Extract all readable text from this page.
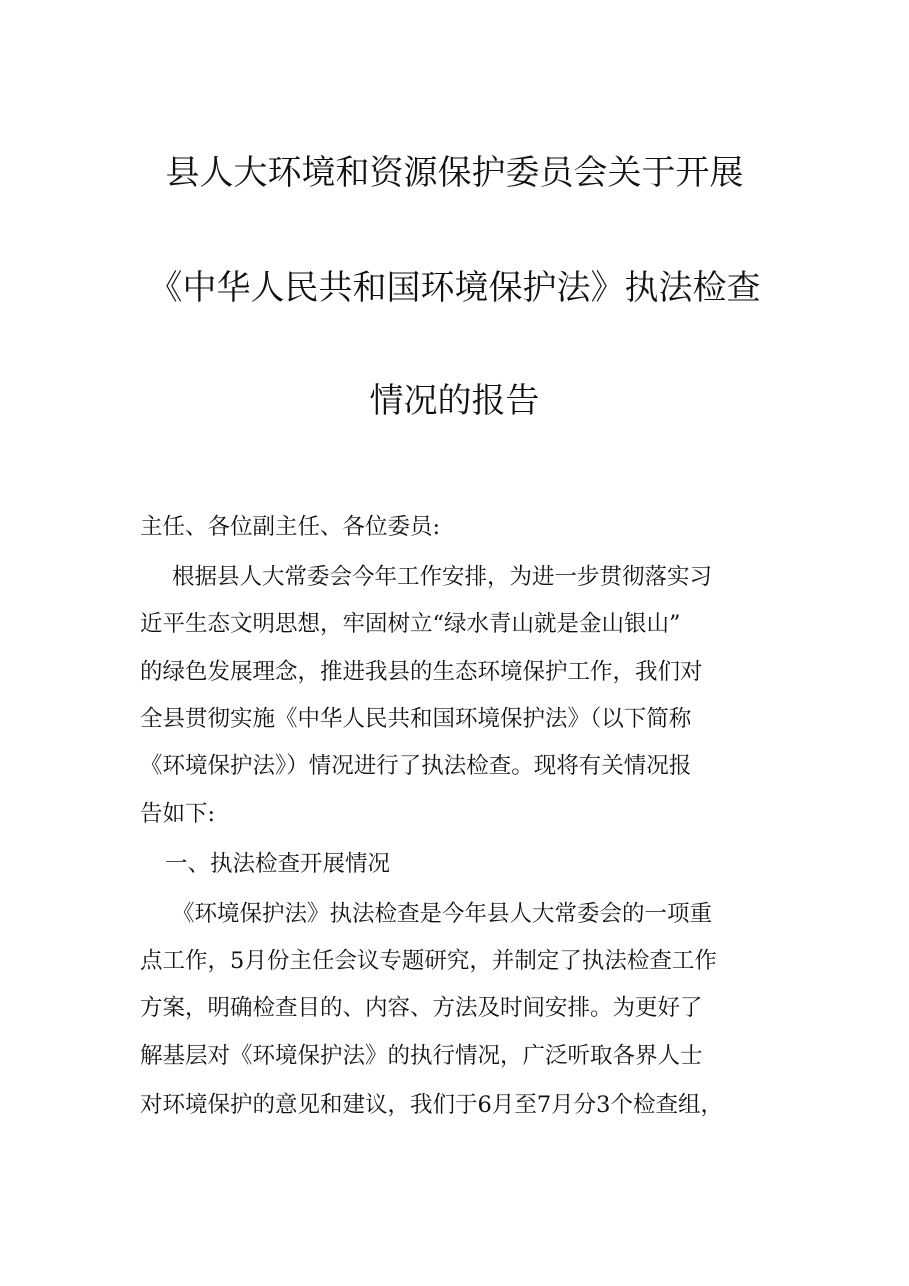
县人大环境和资源保护委员会关于开展
《中华人民共和国环境保护法》执法检查
情况的报告
主任、各位副主任、各位委员:
根据县人大常委会今年工作安排，为进一步贯彻落实习
近平生态文明思想，牢固树立“绿水青山就是金山银山”
的绿色发展理念，推进我县的生态环境保护工作，我们对
全县贯彻实施《中华人民共和国环境保护法》（以下简称
《环境保护法》）情况进行了执法检查。现将有关情况报
告如下:
一、执法检查开展情况
《环境保护法》执法检查是今年县人大常委会的一项重
点工作，5月份主任会议专题研究，并制定了执法检查工作
方案，明确检查目的、内容、方法及时间安排。为更好了
解基层对《环境保护法》的执行情况，广泛听取各界人士
对环境保护的意见和建议，我们于6月至7月分3个检查组，
